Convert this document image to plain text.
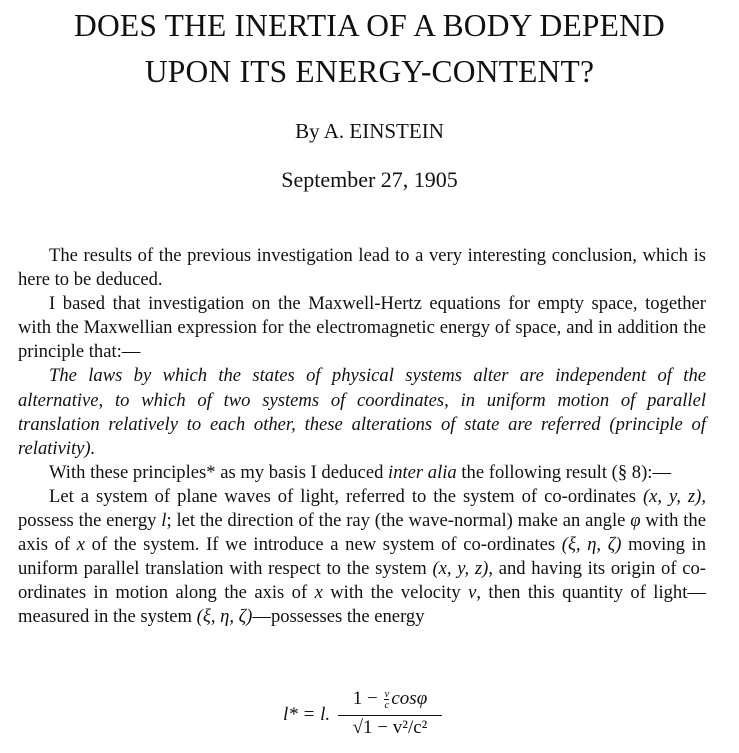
DOES THE INERTIA OF A BODY DEPEND
UPON ITS ENERGY-CONTENT?
By A. EINSTEIN
September 27, 1905

The results of the previous investigation lead to a very interesting conclusion, which is here to be deduced.

I based that investigation on the Maxwell-Hertz equations for empty space, together with the Maxwellian expression for the electromagnetic energy of space, and in addition the principle that:—

The laws by which the states of physical systems alter are independent of the alternative, to which of two systems of coordinates, in uniform motion of parallel translation relatively to each other, these alterations of state are referred (principle of relativity).

With these principles* as my basis I deduced inter alia the following result (§ 8):—

Let a system of plane waves of light, referred to the system of co-ordinates (x, y, z), possess the energy l; let the direction of the ray (the wave-normal) make an angle φ with the axis of x of the system. If we introduce a new system of co-ordinates (ξ, η, ζ) moving in uniform parallel translation with respect to the system (x, y, z), and having its origin of co-ordinates in motion along the axis of x with the velocity v, then this quantity of light—measured in the system (ξ, η, ζ)—possesses the energy

l* = l.
$1 - \frac{v}{c}$ cosφ
√1 − v²/c²
